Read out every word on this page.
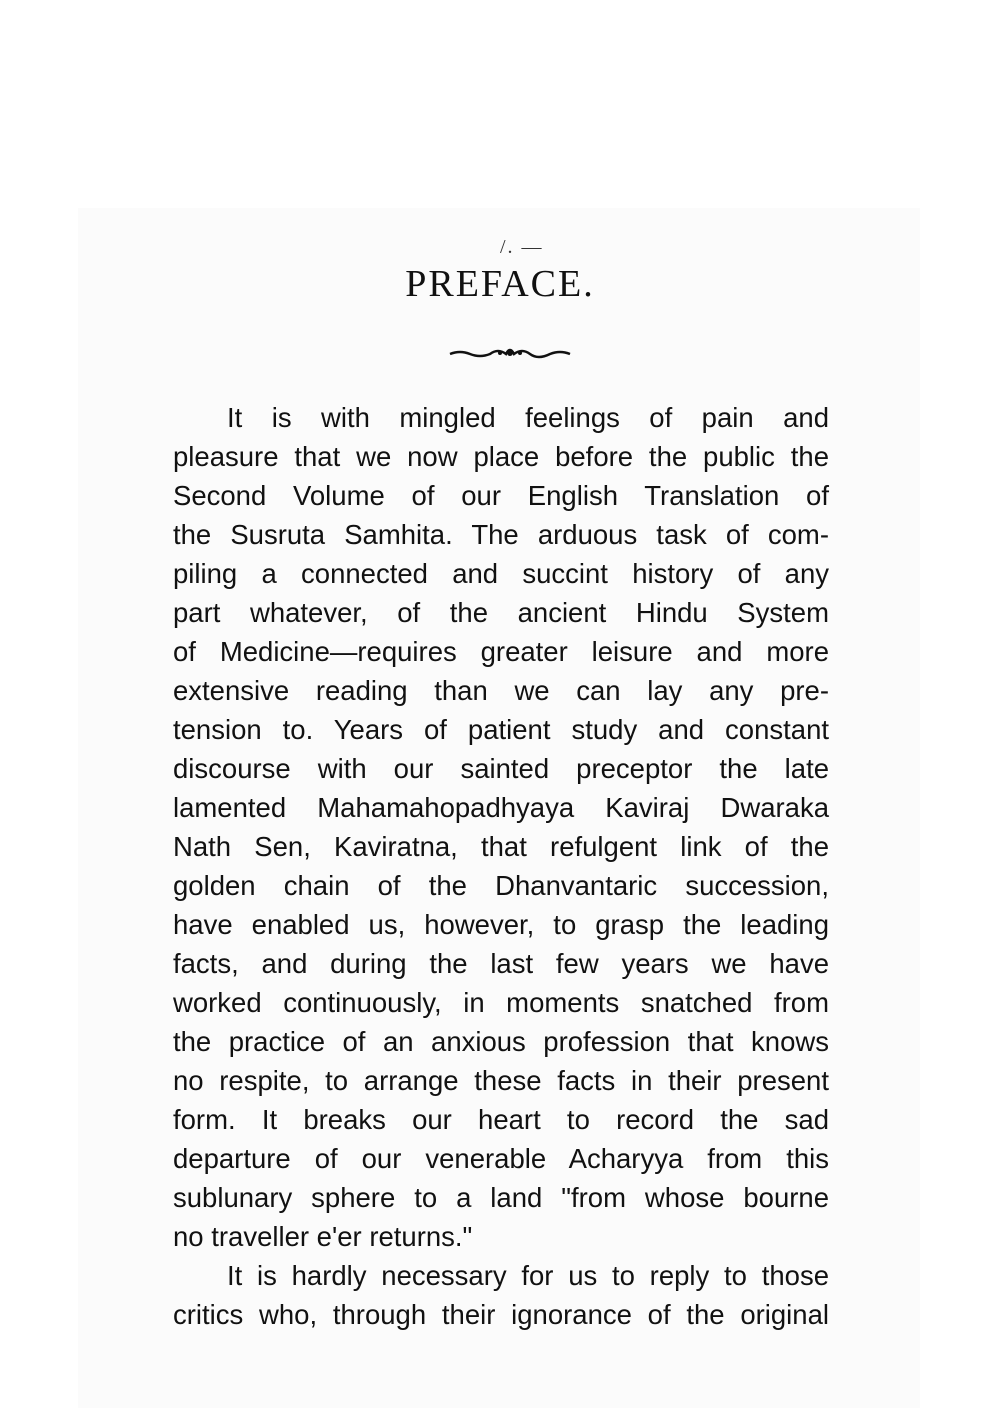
/. —
PREFACE.
It is with mingled feelings of pain and
pleasure that we now place before the public the
Second Volume of our English Translation of
the Susruta Samhita. The arduous task of com-
piling a connected and succint history of any
part whatever, of the ancient Hindu System
of Medicine—requires greater leisure and more
extensive reading than we can lay any pre-
tension to. Years of patient study and constant
discourse with our sainted preceptor the late
lamented Mahamahopadhyaya Kaviraj Dwaraka
Nath Sen, Kaviratna, that refulgent link of the
golden chain of the Dhanvantaric succession,
have enabled us, however, to grasp the leading
facts, and during the last few years we have
worked continuously, in moments snatched from
the practice of an anxious profession that knows
no respite, to arrange these facts in their present
form. It breaks our heart to record the sad
departure of our venerable Acharyya from this
sublunary sphere to a land "from whose bourne
no traveller e'er returns."
It is hardly necessary for us to reply to those
critics who, through their ignorance of the original
